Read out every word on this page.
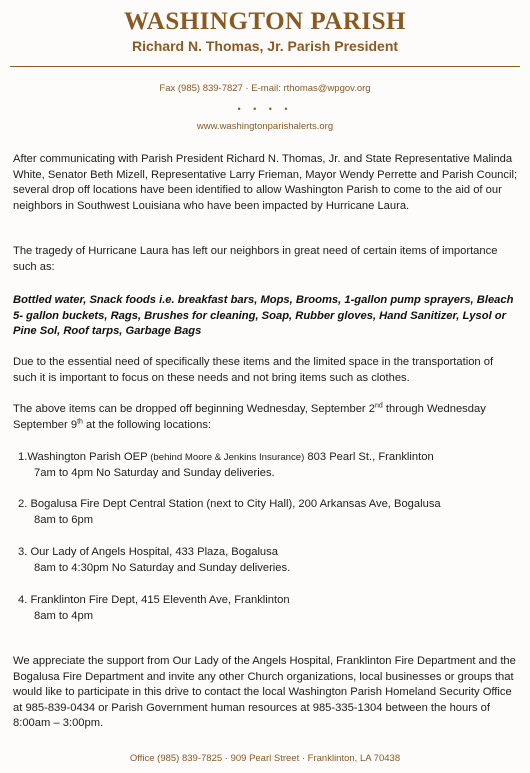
WASHINGTON PARISH
Richard N. Thomas, Jr. Parish President
Fax (985) 839-7827 · E-mail: rthomas@wpgov.org
• • • •
www.washingtonparishalerts.org
After communicating with Parish President Richard N. Thomas, Jr. and State Representative Malinda White, Senator Beth Mizell, Representative Larry Frieman, Mayor Wendy Perrette and Parish Council; several drop off locations have been identified to allow Washington Parish to come to the aid of our neighbors in Southwest Louisiana who have been impacted by Hurricane Laura.
The tragedy of Hurricane Laura has left our neighbors in great need of certain items of importance such as:
Bottled water, Snack foods i.e. breakfast bars, Mops, Brooms, 1-gallon pump sprayers, Bleach 5- gallon buckets, Rags, Brushes for cleaning, Soap, Rubber gloves, Hand Sanitizer, Lysol or Pine Sol, Roof tarps, Garbage Bags
Due to the essential need of specifically these items and the limited space in the transportation of such it is important to focus on these needs and not bring items such as clothes.
The above items can be dropped off beginning Wednesday, September 2nd through Wednesday September 9th at the following locations:
1.Washington Parish OEP (behind Moore & Jenkins Insurance) 803 Pearl St., Franklinton
7am to 4pm No Saturday and Sunday deliveries.
2. Bogalusa Fire Dept Central Station (next to City Hall), 200 Arkansas Ave, Bogalusa
8am to 6pm
3. Our Lady of Angels Hospital, 433 Plaza, Bogalusa
8am to 4:30pm No Saturday and Sunday deliveries.
4. Franklinton Fire Dept, 415 Eleventh Ave, Franklinton
8am to 4pm
We appreciate the support from Our Lady of the Angels Hospital, Franklinton Fire Department and the Bogalusa Fire Department and invite any other Church organizations, local businesses or groups that would like to participate in this drive to contact the local Washington Parish Homeland Security Office at 985-839-0434 or Parish Government human resources at 985-335-1304 between the hours of 8:00am – 3:00pm.
Office (985) 839-7825 · 909 Pearl Street · Franklinton, LA 70438
